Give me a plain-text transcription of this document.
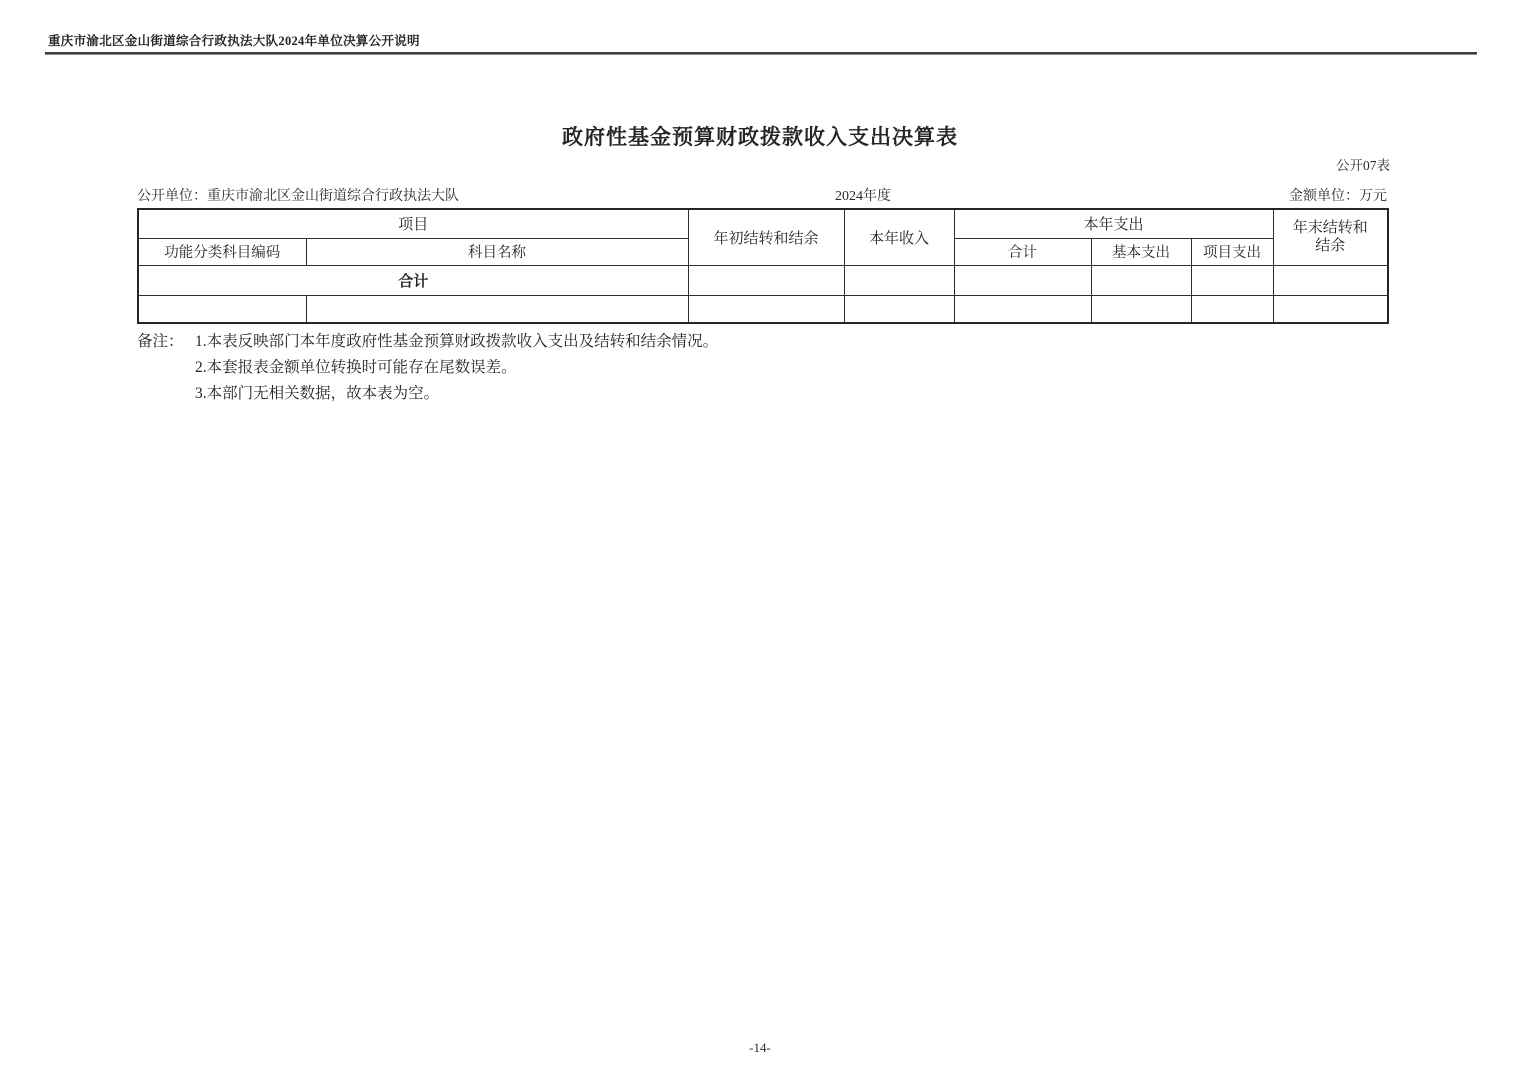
重庆市渝北区金山街道综合行政执法大队2024年单位决算公开说明
政府性基金预算财政拨款收入支出决算表
公开07表
公开单位：重庆市渝北区金山街道综合行政执法大队	2024年度	金额单位：万元
项目		年初结转和结余	本年收入	本年支出			年末结转和结余
功能分类科目编码	科目名称			合计	基本支出	项目支出	
合计							

备注： 1.本表反映部门本年度政府性基金预算财政拨款收入支出及结转和结余情况。
2.本套报表金额单位转换时可能存在尾数误差。
3.本部门无相关数据，故本表为空。
-14-
